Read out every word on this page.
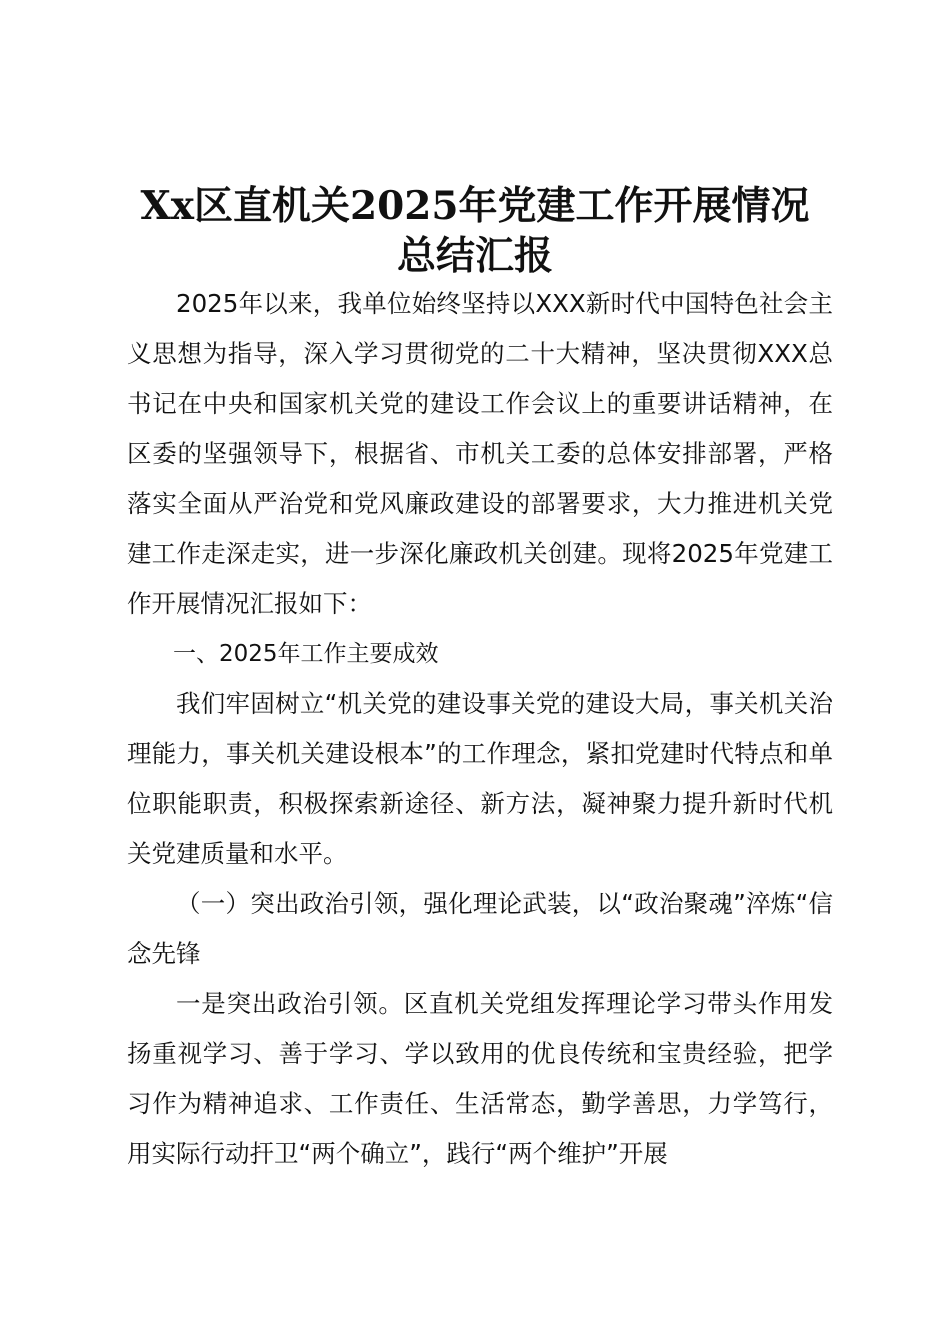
Xx区直机关2025年党建工作开展情况
总结汇报

2025年以来，我单位始终坚持以XXX新时代中国特色社会主义思想为指导，深入学习贯彻党的二十大精神，坚决贯彻XXX总书记在中央和国家机关党的建设工作会议上的重要讲话精神，在区委的坚强领导下，根据省、市机关工委的总体安排部署，严格落实全面从严治党和党风廉政建设的部署要求，大力推进机关党建工作走深走实，进一步深化廉政机关创建。现将2025年党建工作开展情况汇报如下：

一、2025年工作主要成效

我们牢固树立“机关党的建设事关党的建设大局，事关机关治理能力，事关机关建设根本”的工作理念，紧扣党建时代特点和单位职能职责，积极探索新途径、新方法，凝神聚力提升新时代机关党建质量和水平。

（一）突出政治引领，强化理论武装，以“政治聚魂”淬炼“信念先锋

一是突出政治引领。区直机关党组发挥理论学习带头作用发扬重视学习、善于学习、学以致用的优良传统和宝贵经验，把学习作为精神追求、工作责任、生活常态，勤学善思，力学笃行，用实际行动扞卫“两个确立”，践行“两个维护”开展
